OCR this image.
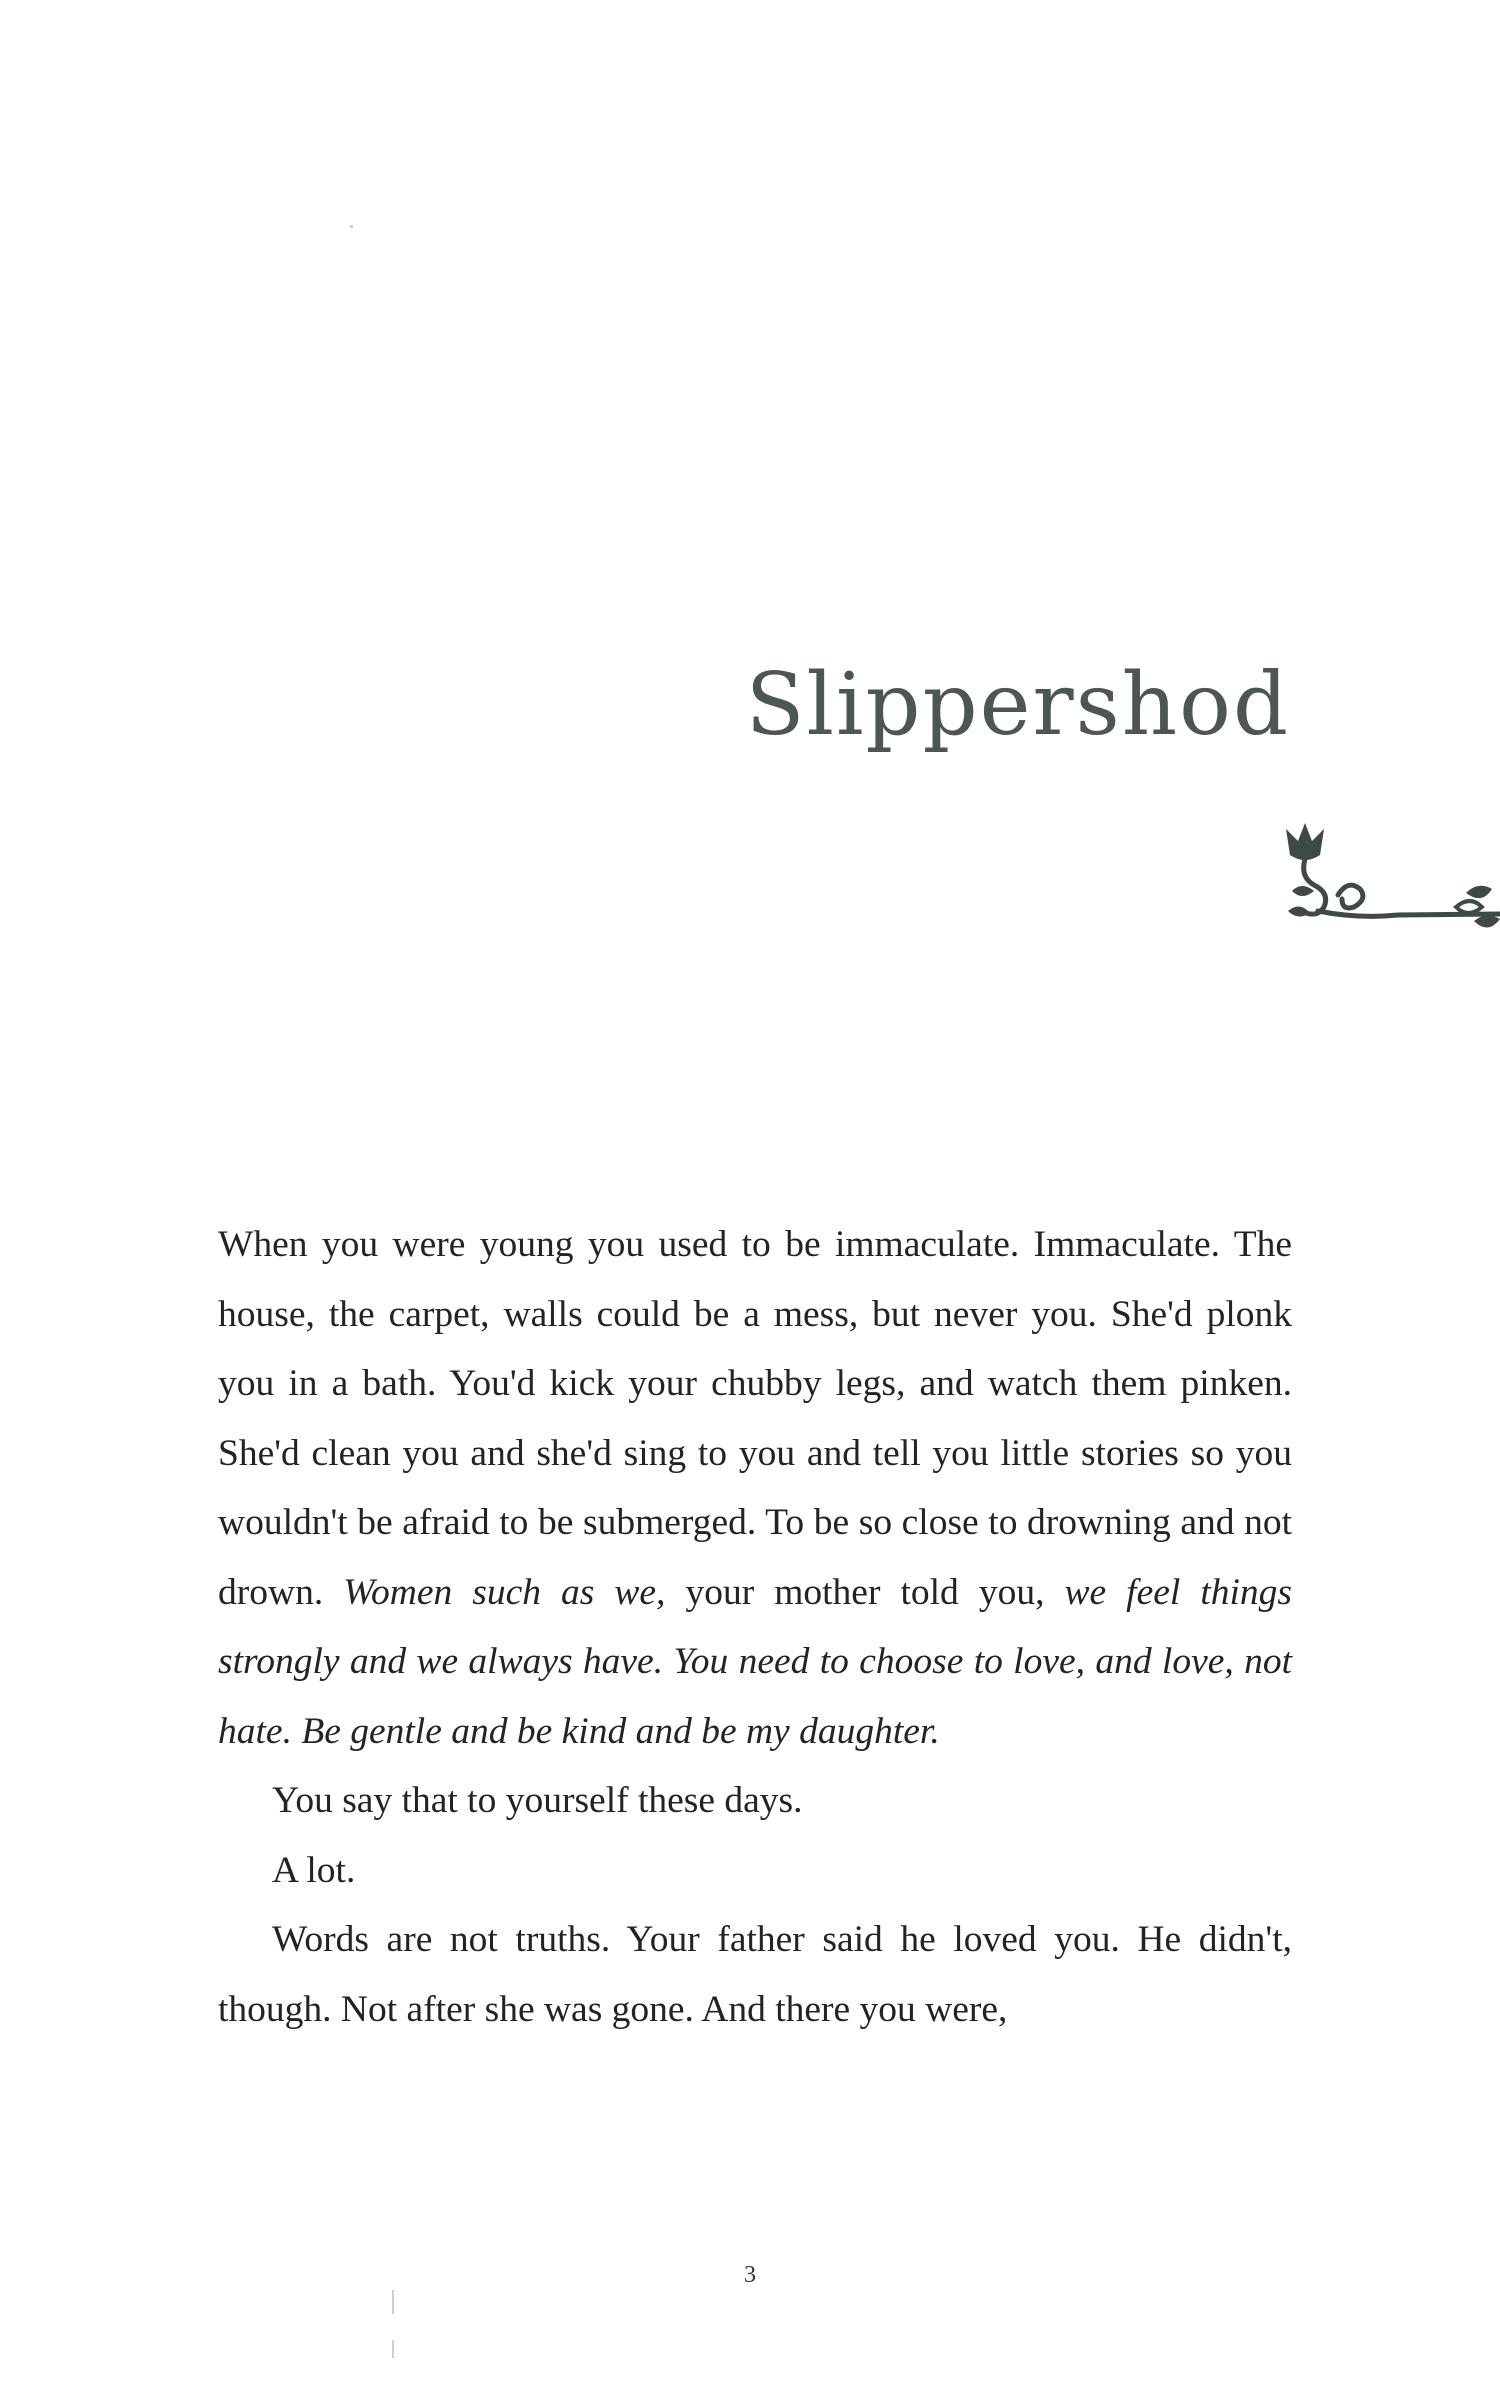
Slippershod

When you were young you used to be immaculate. Immaculate. The house, the carpet, walls could be a mess, but never you. She'd plonk you in a bath. You'd kick your chubby legs, and watch them pinken. She'd clean you and she'd sing to you and tell you little stories so you wouldn't be afraid to be submerged. To be so close to drowning and not drown. Women such as we, your mother told you, we feel things strongly and we always have. You need to choose to love, and love, not hate. Be gentle and be kind and be my daughter.

You say that to yourself these days.

A lot.

Words are not truths. Your father said he loved you. He didn't, though. Not after she was gone. And there you were,

3
